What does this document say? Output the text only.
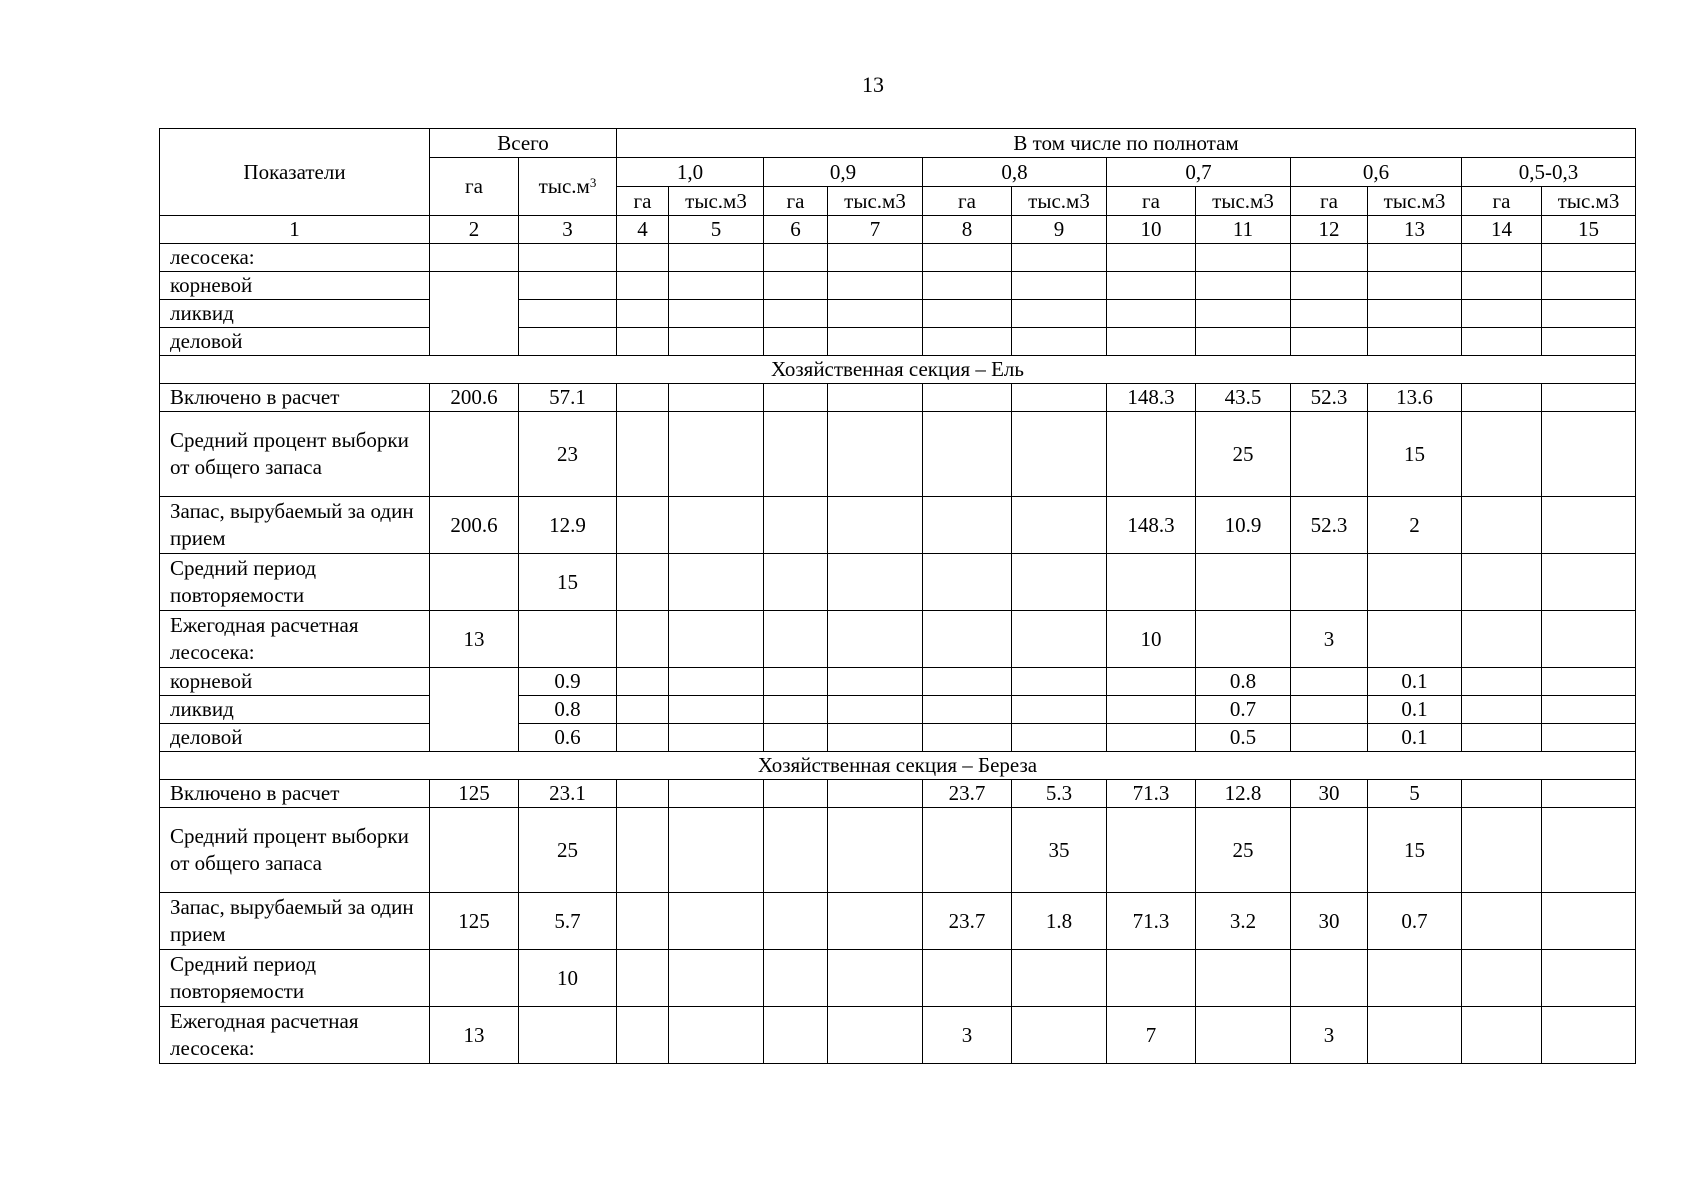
13
Показатели	Всего		В том числе по полнотам											
	га	$тыс.м^3$	1,0		0,9		0,8		0,7		0,6		0,5-0,3	
			га	тыс.м3	га	тыс.м3	га	тыс.м3	га	тыс.м3	га	тыс.м3	га	тыс.м3
1	2	3	4	5	6	7	8	9	10	11	12	13	14	15
лесосека:														
корневой														
ликвид														
деловой														
Хозяйственная секция – Ель														
Включено в расчет	200.6	57.1							148.3	43.5	52.3	13.6		
Средний процент выборки от общего запаса		23								25		15		
Запас, вырубаемый за один прием	200.6	12.9							148.3	10.9	52.3	2		
Средний период повторяемости		15												
Ежегодная расчетная лесосека:	13								10		3			
корневой		0.9								0.8		0.1		
ликвид		0.8								0.7		0.1		
деловой		0.6								0.5		0.1		
Хозяйственная секция – Береза														
Включено в расчет	125	23.1					23.7	5.3	71.3	12.8	30	5		
Средний процент выборки от общего запаса		25						35		25		15		
Запас, вырубаемый за один прием	125	5.7					23.7	1.8	71.3	3.2	30	0.7		
Средний период повторяемости		10												
Ежегодная расчетная лесосека:	13						3		7		3			
